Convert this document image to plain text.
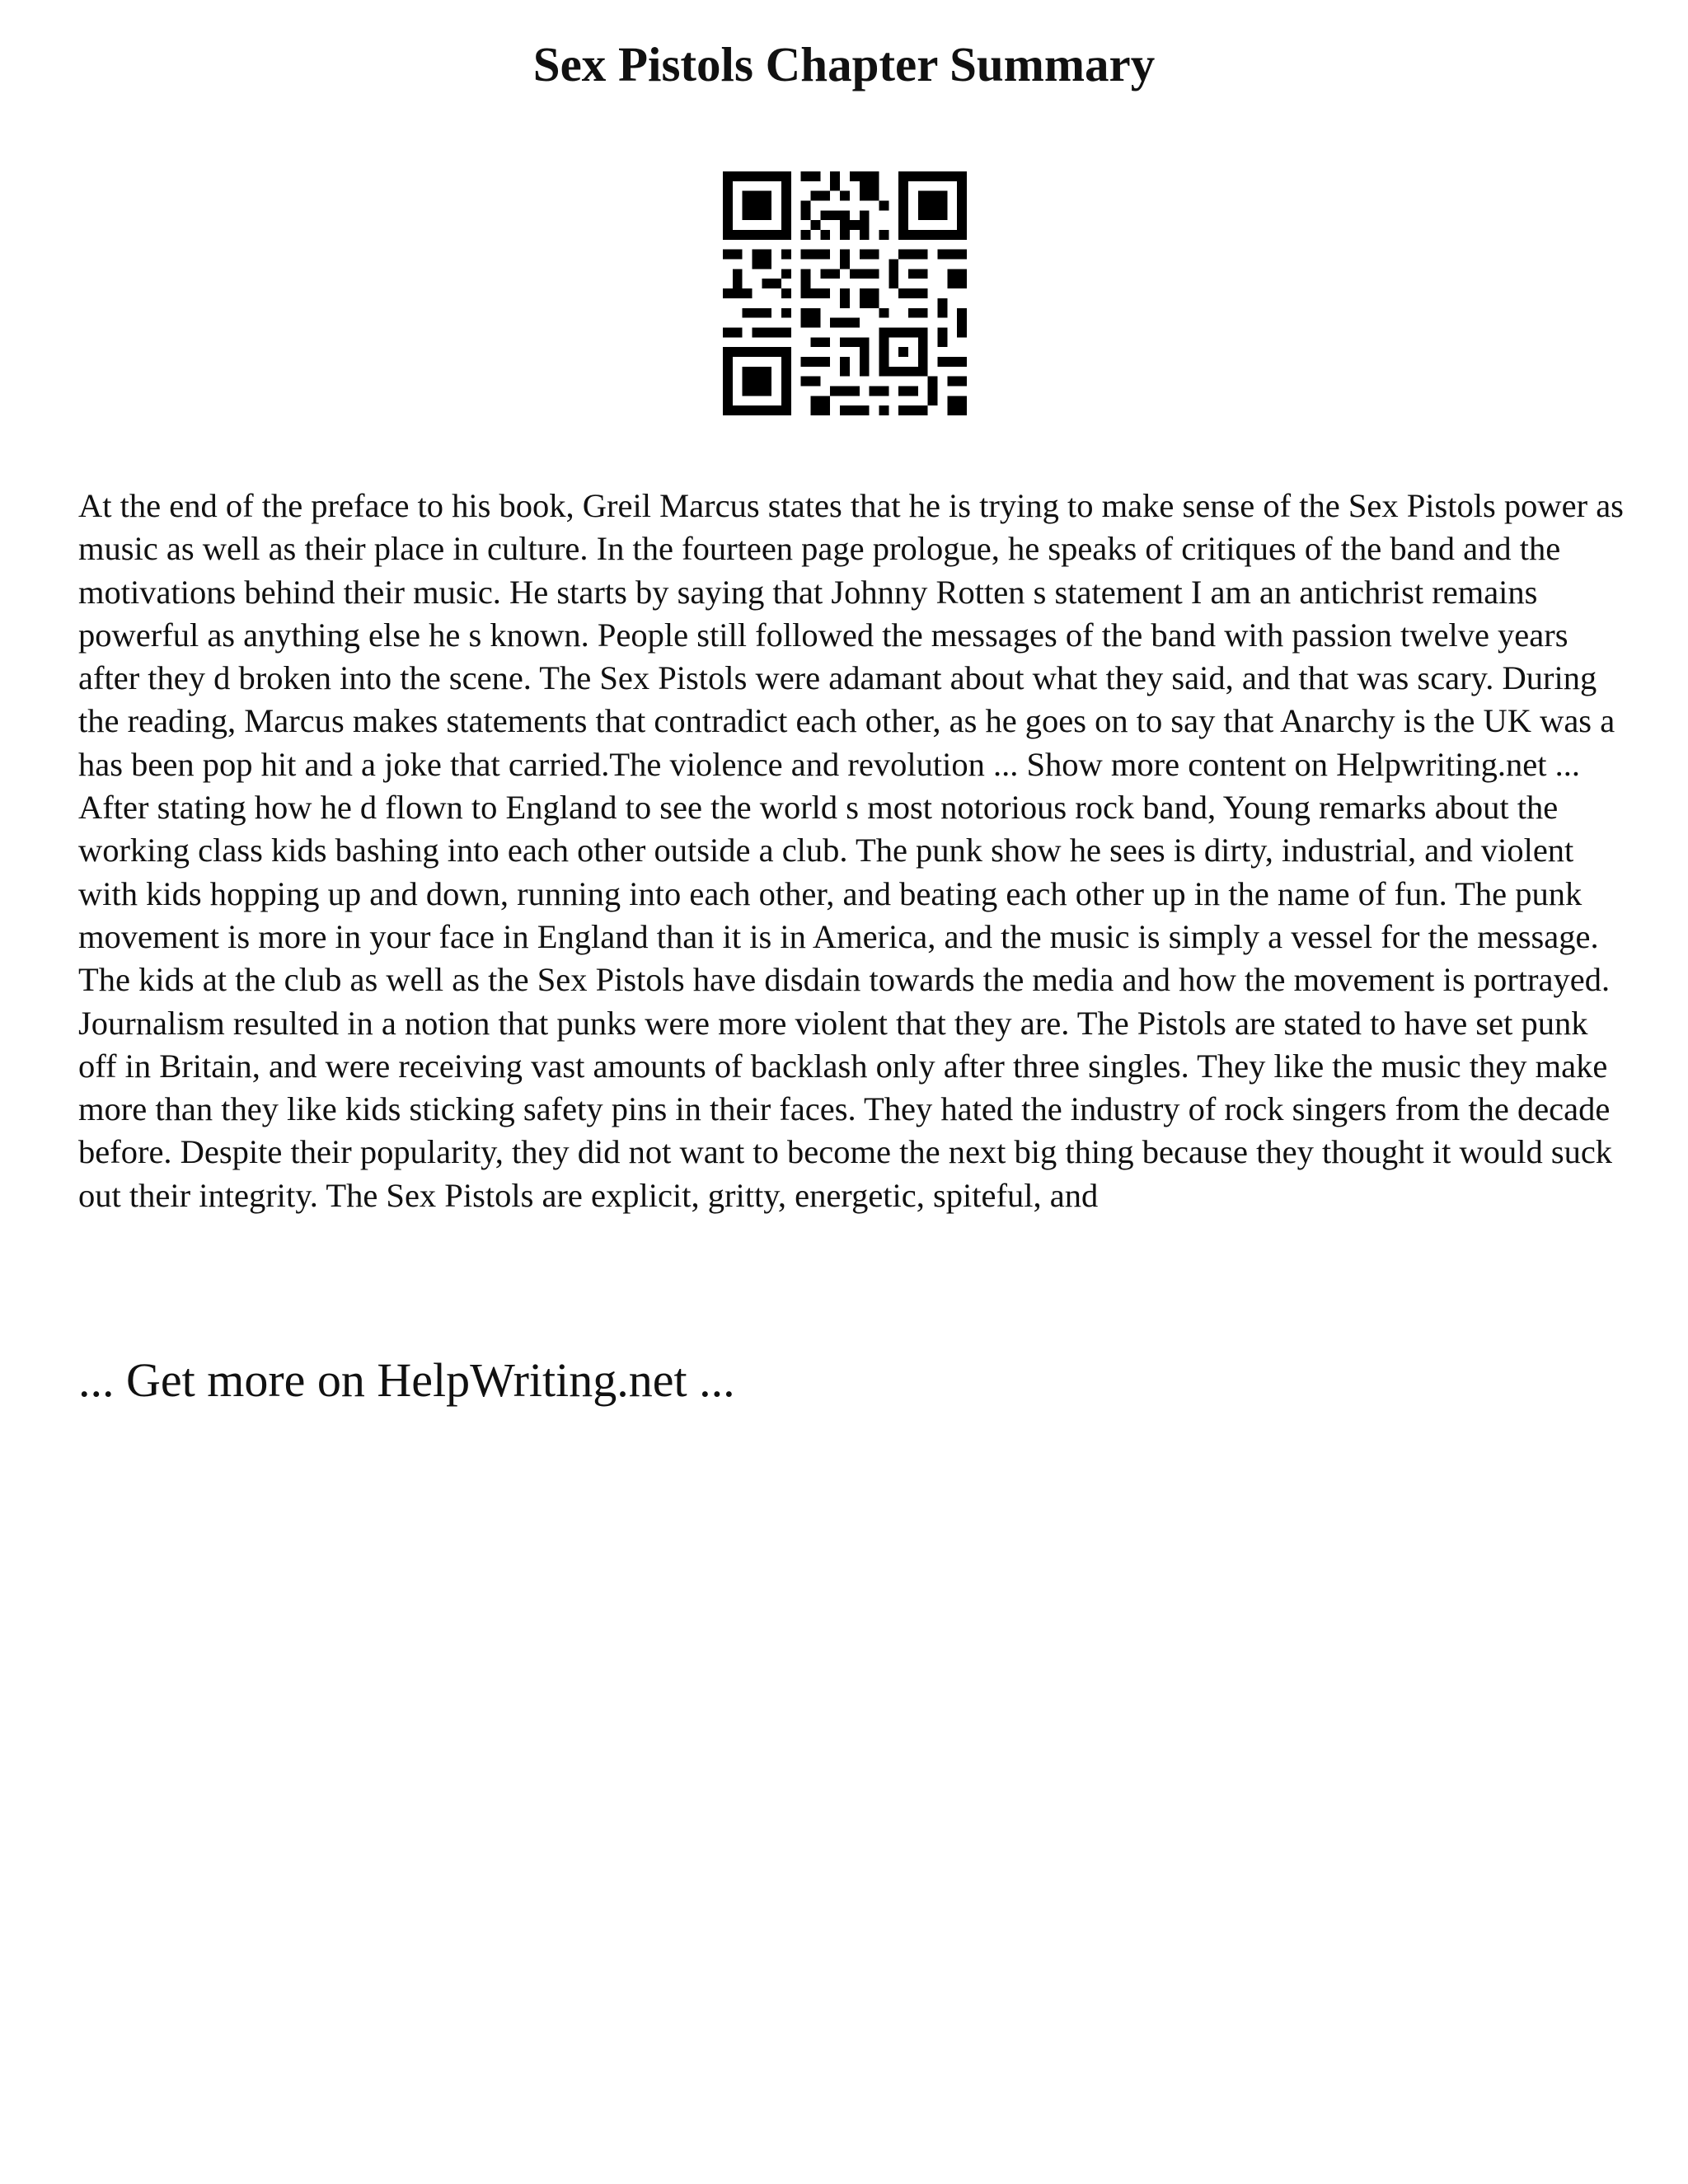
Sex Pistols Chapter Summary

At the end of the preface to his book, Greil Marcus states that he is trying to make sense of the Sex Pistols power as music as well as their place in culture. In the fourteen page prologue, he speaks of critiques of the band and the motivations behind their music. He starts by saying that Johnny Rotten s statement I am an antichrist remains powerful as anything else he s known. People still followed the messages of the band with passion twelve years after they d broken into the scene. The Sex Pistols were adamant about what they said, and that was scary. During the reading, Marcus makes statements that contradict each other, as he goes on to say that Anarchy is the UK was a has been pop hit and a joke that carried.The violence and revolution ... Show more content on Helpwriting.net ...

After stating how he d flown to England to see the world s most notorious rock band, Young remarks about the working class kids bashing into each other outside a club. The punk show he sees is dirty, industrial, and violent with kids hopping up and down, running into each other, and beating each other up in the name of fun. The punk movement is more in your face in England than it is in America, and the music is simply a vessel for the message. The kids at the club as well as the Sex Pistols have disdain towards the media and how the movement is portrayed. Journalism resulted in a notion that punks were more violent that they are. The Pistols are stated to have set punk off in Britain, and were receiving vast amounts of backlash only after three singles. They like the music they make more than they like kids sticking safety pins in their faces. They hated the industry of rock singers from the decade before. Despite their popularity, they did not want to become the next big thing because they thought it would suck out their integrity. The Sex Pistols are explicit, gritty, energetic, spiteful, and

... Get more on HelpWriting.net ...
